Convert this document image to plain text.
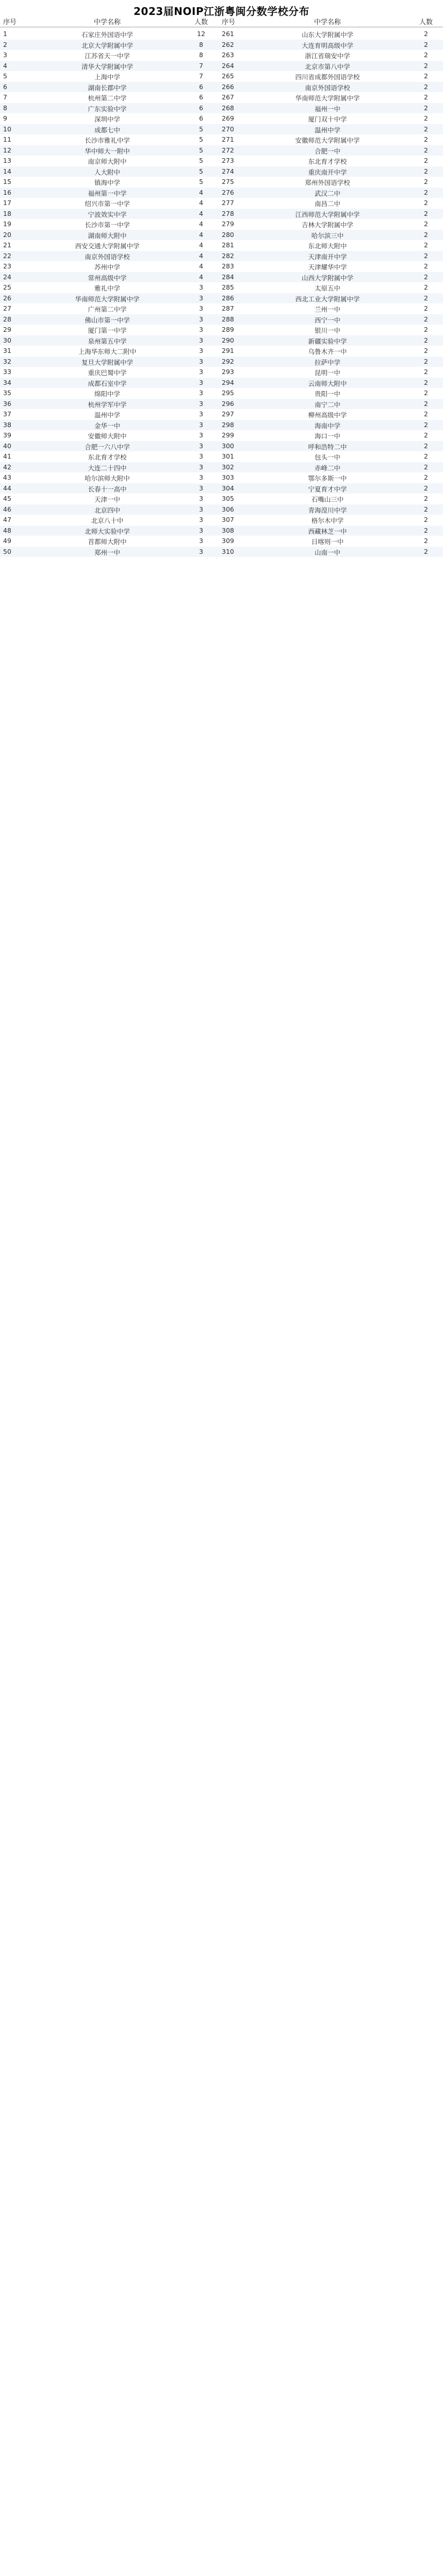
2023届NOIP江浙粤闽分数学校分布
序号	中学名称	人数	序号	中学名称	人数
1	石家庄外国语中学	12	261	山东大学附属中学	2
2	北京大学附属中学	8	262	大连育明高级中学	2
3	江苏省天一中学	8	263	浙江省瑞安中学	2
4	清华大学附属中学	7	264	北京市第八中学	2
5	上海中学	7	265	四川省成都外国语学校	2
6	湖南长郡中学	6	266	南京外国语学校	2
7	杭州第二中学	6	267	华南师范大学附属中学	2
8	广东实验中学	6	268	福州一中	2
9	深圳中学	6	269	厦门双十中学	2
10	成都七中	5	270	温州中学	2
11	长沙市雅礼中学	5	271	安徽师范大学附属中学	2
12	华中师大一附中	5	272	合肥一中	2
13	南京师大附中	5	273	东北育才学校	2
14	人大附中	5	274	重庆南开中学	2
15	镇海中学	5	275	郑州外国语学校	2
16	福州第一中学	4	276	武汉二中	2
17	绍兴市第一中学	4	277	南昌二中	2
18	宁波效实中学	4	278	江西师范大学附属中学	2
19	长沙市第一中学	4	279	吉林大学附属中学	2
20	湖南师大附中	4	280	哈尔滨三中	2
21	西安交通大学附属中学	4	281	东北师大附中	2
22	南京外国语学校	4	282	天津南开中学	2
23	苏州中学	4	283	天津耀华中学	2
24	常州高级中学	4	284	山西大学附属中学	2
25	雅礼中学	3	285	太原五中	2
26	华南师范大学附属中学	3	286	西北工业大学附属中学	2
27	广州第二中学	3	287	兰州一中	2
28	佛山市第一中学	3	288	西宁一中	2
29	厦门第一中学	3	289	银川一中	2
30	泉州第五中学	3	290	新疆实验中学	2
31	上海华东师大二附中	3	291	乌鲁木齐一中	2
32	复旦大学附属中学	3	292	拉萨中学	2
33	重庆巴蜀中学	3	293	昆明一中	2
34	成都石室中学	3	294	云南师大附中	2
35	绵阳中学	3	295	贵阳一中	2
36	杭州学军中学	3	296	南宁二中	2
37	温州中学	3	297	柳州高级中学	2
38	金华一中	3	298	海南中学	2
39	安徽师大附中	3	299	海口一中	2
40	合肥一六八中学	3	300	呼和浩特二中	2
41	东北育才学校	3	301	包头一中	2
42	大连二十四中	3	302	赤峰二中	2
43	哈尔滨师大附中	3	303	鄂尔多斯一中	2
44	长春十一高中	3	304	宁夏育才中学	2
45	天津一中	3	305	石嘴山三中	2
46	北京四中	3	306	青海湟川中学	2
47	北京八十中	3	307	格尔木中学	2
48	北师大实验中学	3	308	西藏林芝一中	2
49	首都师大附中	3	309	日喀则一中	2
50	郑州一中	3	310	山南一中	2
